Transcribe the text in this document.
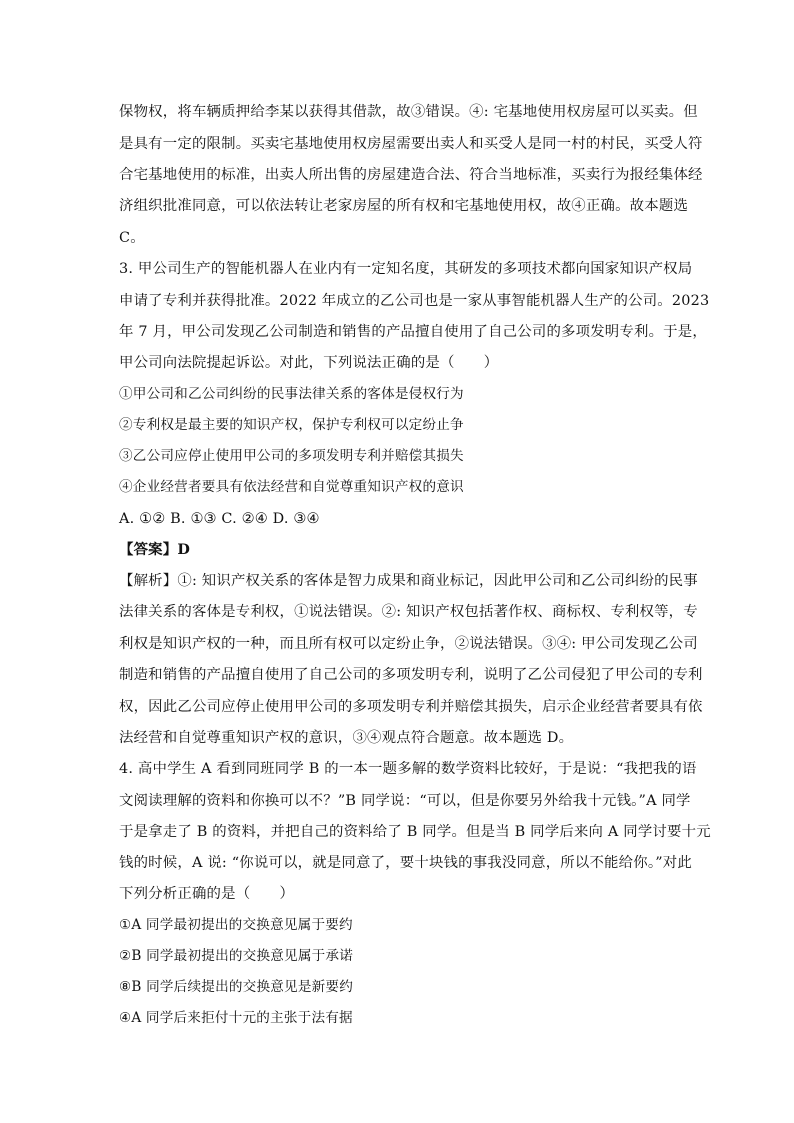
保物权，将车辆质押给李某以获得其借款，故③错误。④: 宅基地使用权房屋可以买卖。但
是具有一定的限制。买卖宅基地使用权房屋需要出卖人和买受人是同一村的村民，买受人符
合宅基地使用的标准，出卖人所出售的房屋建造合法、符合当地标准，买卖行为报经集体经
济组织批准同意，可以依法转让老家房屋的所有权和宅基地使用权，故④正确。故本题选
C。
3. 甲公司生产的智能机器人在业内有一定知名度，其研发的多项技术都向国家知识产权局
申请了专利并获得批准。2022 年成立的乙公司也是一家从事智能机器人生产的公司。2023
年 7 月，甲公司发现乙公司制造和销售的产品擅自使用了自己公司的多项发明专利。于是，
甲公司向法院提起诉讼。对此，下列说法正确的是（　　）
①甲公司和乙公司纠纷的民事法律关系的客体是侵权行为
②专利权是最主要的知识产权，保护专利权可以定纷止争
③乙公司应停止使用甲公司的多项发明专利并赔偿其损失
④企业经营者要具有依法经营和自觉尊重知识产权的意识
A. ①② B. ①③ C. ②④ D. ③④
【答案】D
【解析】①: 知识产权关系的客体是智力成果和商业标记，因此甲公司和乙公司纠纷的民事
法律关系的客体是专利权，①说法错误。②: 知识产权包括著作权、商标权、专利权等，专
利权是知识产权的一种，而且所有权可以定纷止争，②说法错误。③④: 甲公司发现乙公司
制造和销售的产品擅自使用了自己公司的多项发明专利，说明了乙公司侵犯了甲公司的专利
权，因此乙公司应停止使用甲公司的多项发明专利并赔偿其损失，启示企业经营者要具有依
法经营和自觉尊重知识产权的意识，③④观点符合题意。故本题选 D。
4. 高中学生 A 看到同班同学 B 的一本一题多解的数学资料比较好，于是说：“我把我的语
文阅读理解的资料和你换可以不？”B 同学说：“可以，但是你要另外给我十元钱。”A 同学
于是拿走了 B 的资料，并把自己的资料给了 B 同学。但是当 B 同学后来向 A 同学讨要十元
钱的时候，A 说: “你说可以，就是同意了，要十块钱的事我没同意，所以不能给你。”对此
下列分析正确的是（　　）
①A 同学最初提出的交换意见属于要约
②B 同学最初提出的交换意见属于承诺
⑧B 同学后续提出的交换意见是新要约
④A 同学后来拒付十元的主张于法有据
